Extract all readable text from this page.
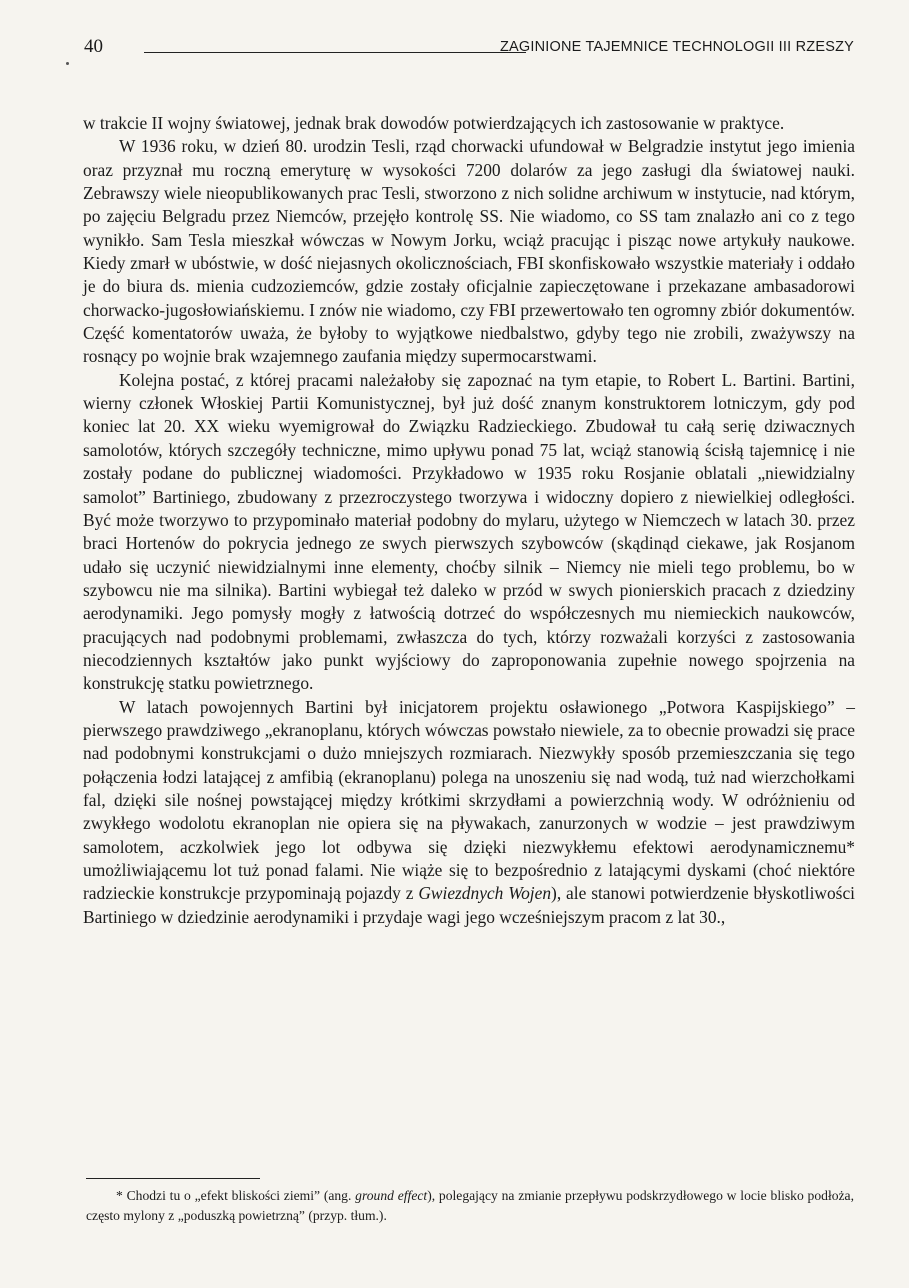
40	ZAGINIONE TAJEMNICE TECHNOLOGII III RZESZY

w trakcie II wojny światowej, jednak brak dowodów potwierdzających ich zastosowanie w praktyce.

W 1936 roku, w dzień 80. urodzin Tesli, rząd chorwacki ufundował w Belgradzie instytut jego imienia oraz przyznał mu roczną emeryturę w wysokości 7200 dolarów za jego zasługi dla światowej nauki. Zebrawszy wiele nieopublikowanych prac Tesli, stworzono z nich solidne archiwum w instytucie, nad którym, po zajęciu Belgradu przez Niemców, przejęło kontrolę SS. Nie wiadomo, co SS tam znalazło ani co z tego wynikło. Sam Tesla mieszkał wówczas w Nowym Jorku, wciąż pracując i pisząc nowe artykuły naukowe. Kiedy zmarł w ubóstwie, w dość niejasnych okolicznościach, FBI skonfiskowało wszystkie materiały i oddało je do biura ds. mienia cudzoziemców, gdzie zostały oficjalnie zapieczętowane i przekazane ambasadorowi chorwacko-jugosłowiańskiemu. I znów nie wiadomo, czy FBI przewertowało ten ogromny zbiór dokumentów. Część komentatorów uważa, że byłoby to wyjątkowe niedbalstwo, gdyby tego nie zrobili, zważywszy na rosnący po wojnie brak wzajemnego zaufania między supermocarstwami.

Kolejna postać, z której pracami należałoby się zapoznać na tym etapie, to Robert L. Bartini. Bartini, wierny członek Włoskiej Partii Komunistycznej, był już dość znanym konstruktorem lotniczym, gdy pod koniec lat 20. XX wieku wyemigrował do Związku Radzieckiego. Zbudował tu całą serię dziwacznych samolotów, których szczegóły techniczne, mimo upływu ponad 75 lat, wciąż stanowią ścisłą tajemnicę i nie zostały podane do publicznej wiadomości. Przykładowo w 1935 roku Rosjanie oblatali „niewidzialny samolot” Bartiniego, zbudowany z przezroczystego tworzywa i widoczny dopiero z niewielkiej odległości. Być może tworzywo to przypominało materiał podobny do mylaru, użytego w Niemczech w latach 30. przez braci Hortenów do pokrycia jednego ze swych pierwszych szybowców (skądinąd ciekawe, jak Rosjanom udało się uczynić niewidzialnymi inne elementy, choćby silnik – Niemcy nie mieli tego problemu, bo w szybowcu nie ma silnika). Bartini wybiegał też daleko w przód w swych pionierskich pracach z dziedziny aerodynamiki. Jego pomysły mogły z łatwością dotrzeć do współczesnych mu niemieckich naukowców, pracujących nad podobnymi problemami, zwłaszcza do tych, którzy rozważali korzyści z zastosowania niecodziennych kształtów jako punkt wyjściowy do zaproponowania zupełnie nowego spojrzenia na konstrukcję statku powietrznego.

W latach powojennych Bartini był inicjatorem projektu osławionego „Potwora Kaspijskiego” – pierwszego prawdziwego „ekranoplanu, których wówczas powstało niewiele, za to obecnie prowadzi się prace nad podobnymi konstrukcjami o dużo mniejszych rozmiarach. Niezwykły sposób przemieszczania się tego połączenia łodzi latającej z amfibią (ekranoplanu) polega na unoszeniu się nad wodą, tuż nad wierzchołkami fal, dzięki sile nośnej powstającej między krótkimi skrzydłami a powierzchnią wody. W odróżnieniu od zwykłego wodolotu ekranoplan nie opiera się na pływakach, zanurzonych w wodzie – jest prawdziwym samolotem, aczkolwiek jego lot odbywa się dzięki niezwykłemu efektowi aerodynamicznemu* umożliwiającemu lot tuż ponad falami. Nie wiąże się to bezpośrednio z latającymi dyskami (choć niektóre radzieckie konstrukcje przypominają pojazdy z Gwiezdnych Wojen), ale stanowi potwierdzenie błyskotliwości Bartiniego w dziedzinie aerodynamiki i przydaje wagi jego wcześniejszym pracom z lat 30.,

* Chodzi tu o „efekt bliskości ziemi” (ang. ground effect), polegający na zmianie przepływu podskrzydłowego w locie blisko podłoża, często mylony z „poduszką powietrzną” (przyp. tłum.).
